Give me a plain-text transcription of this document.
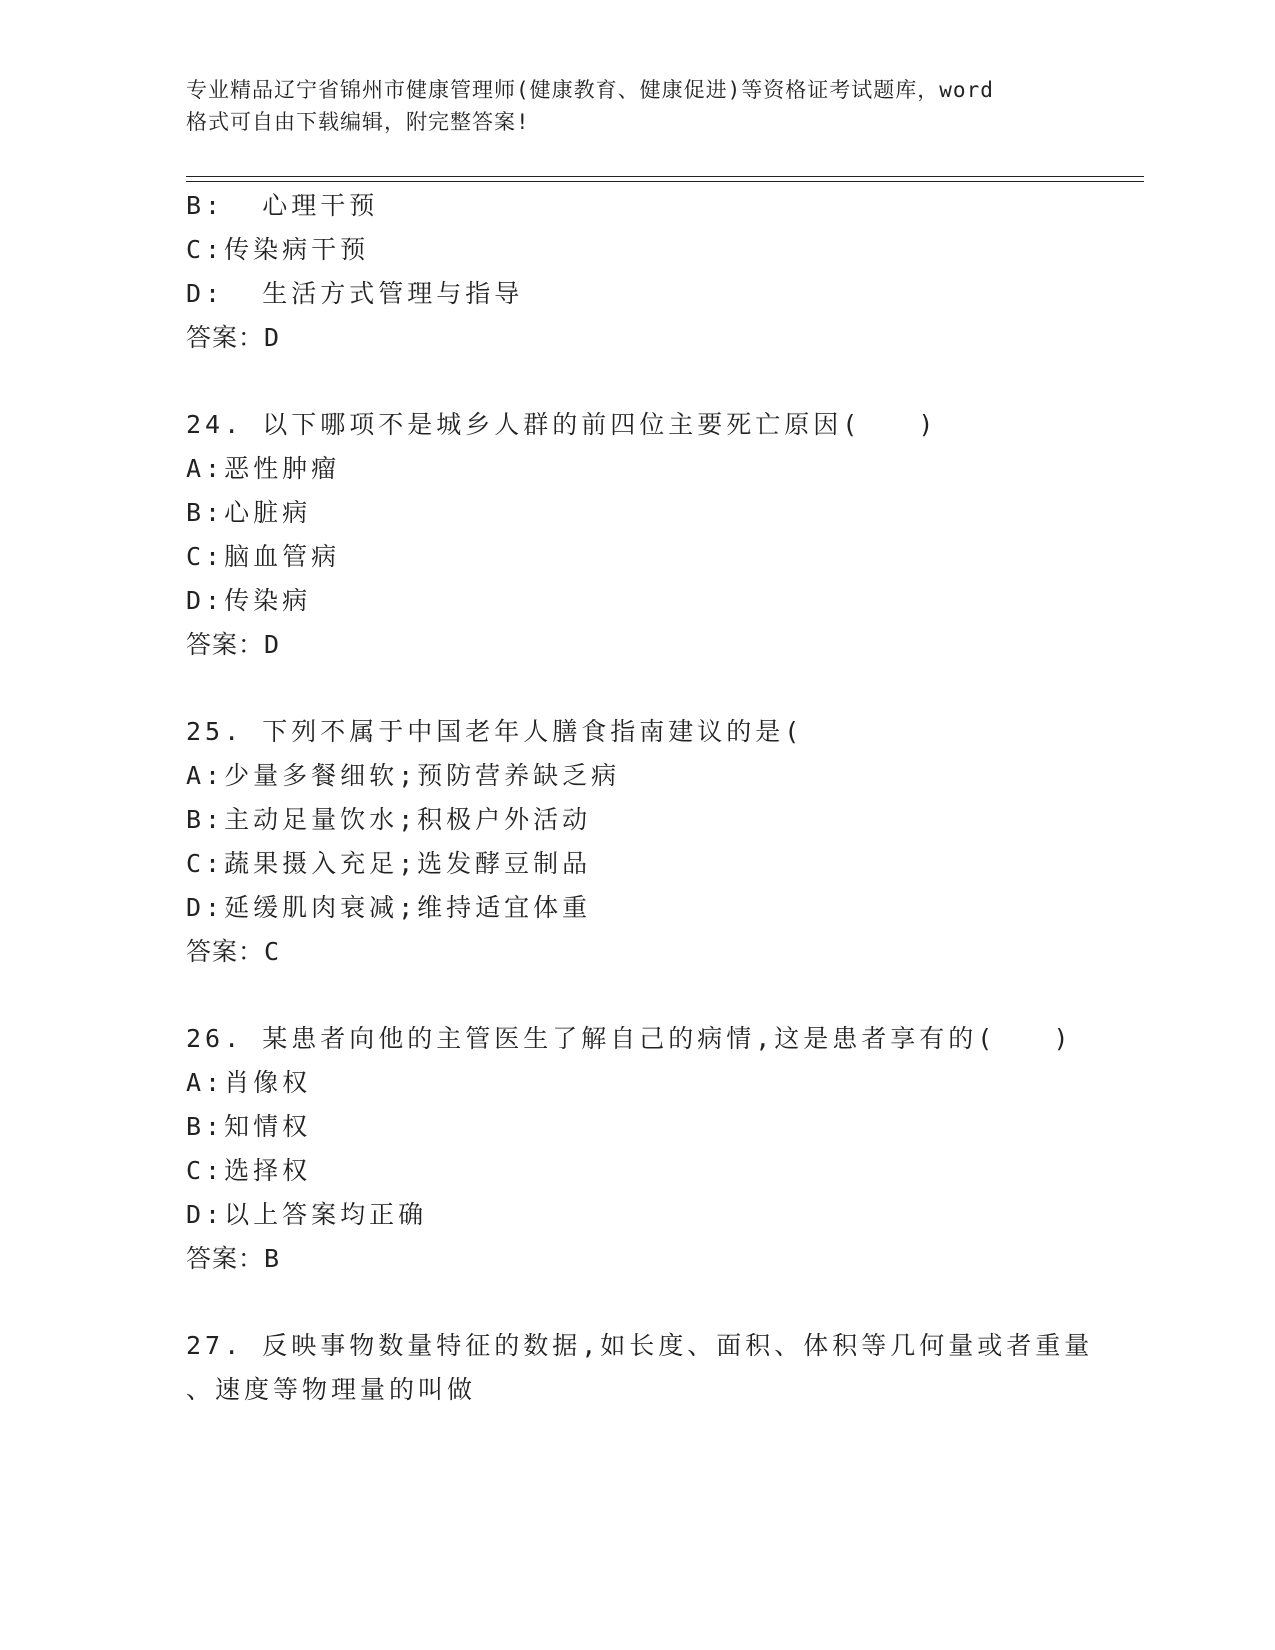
专业精品辽宁省锦州市健康管理师(健康教育、健康促进)等资格证考试题库，word
格式可自由下载编辑，附完整答案!
B:  心理干预
C:传染病干预
D:  生活方式管理与指导
答案：D
24. 以下哪项不是城乡人群的前四位主要死亡原因(   )
A:恶性肿瘤
B:心脏病
C:脑血管病
D:传染病
答案：D
25. 下列不属于中国老年人膳食指南建议的是(
A:少量多餐细软;预防营养缺乏病
B:主动足量饮水;积极户外活动
C:蔬果摄入充足;选发酵豆制品
D:延缓肌肉衰减;维持适宜体重
答案：C
26. 某患者向他的主管医生了解自己的病情,这是患者享有的(   )
A:肖像权
B:知情权
C:选择权
D:以上答案均正确
答案：B
27. 反映事物数量特征的数据,如长度、面积、体积等几何量或者重量
、速度等物理量的叫做
